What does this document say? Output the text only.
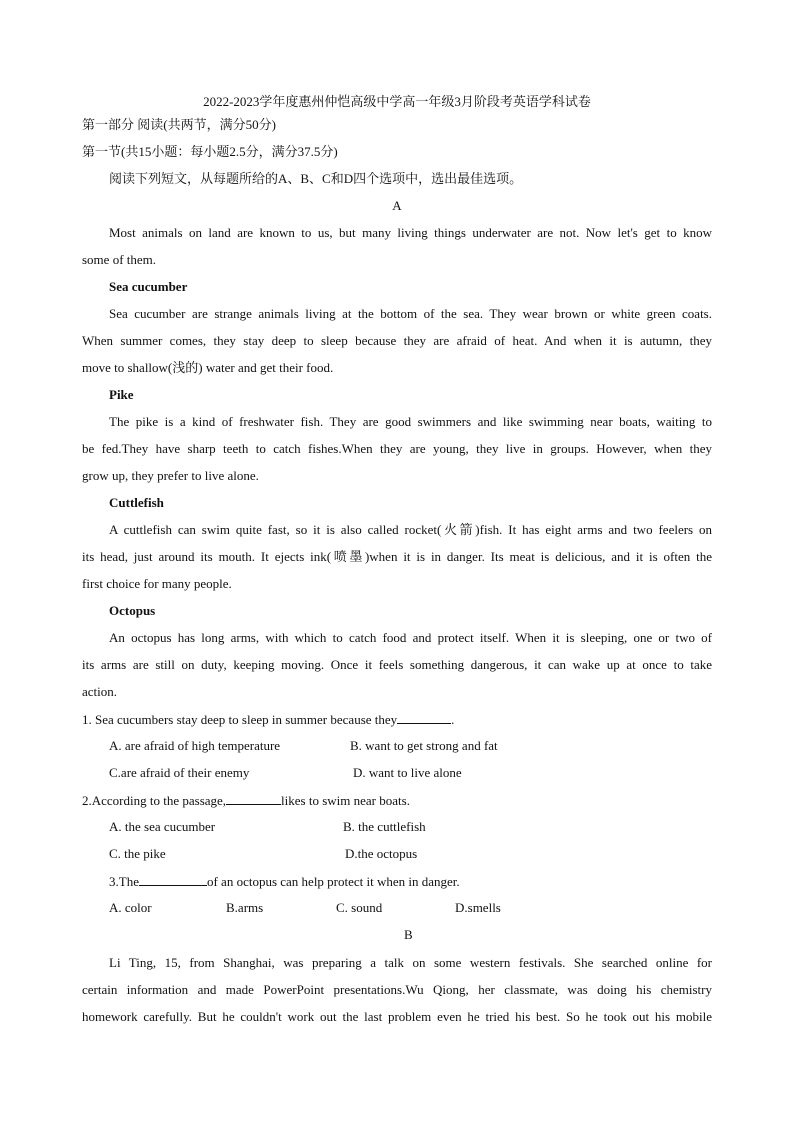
2022-2023学年度惠州仲恺高级中学高一年级3月阶段考英语学科试卷
第一部分 阅读(共两节，满分50分)
第一节(共15小题：每小题2.5分，满分37.5分)
阅读下列短文，从每题所给的A、B、C和D四个选项中，选出最佳选项。
A
Most animals on land are known to us, but many living things underwater are not. Now let's get to know
some of them.
Sea cucumber
Sea cucumber are strange animals living at the bottom of the sea. They wear brown or white green coats.
When summer comes, they stay deep to sleep because they are afraid of heat. And when it is autumn, they
move to shallow(浅的) water and get their food.
Pike
The pike is a kind of freshwater fish. They are good swimmers and like swimming near boats, waiting to
be fed.They have sharp teeth to catch fishes.When they are young, they live in groups. However, when they
grow up, they prefer to live alone.
Cuttlefish
A cuttlefish can swim quite fast, so it is also called rocket(火箭)fish. It has eight arms and two feelers on
its head, just around its mouth. It ejects ink(喷墨)when it is in danger. Its meat is delicious, and it is often the
first choice for many people.
Octopus
An octopus has long arms, with which to catch food and protect itself. When it is sleeping, one or two of
its arms are still on duty, keeping moving. Once it feels something dangerous, it can wake up at once to take
action.
1. Sea cucumbers stay deep to sleep in summer because they	.
A. are afraid of high temperature	B. want to get strong and fat
C.are afraid of their enemy	D. want to live alone
2.According to the passage,	likes to swim near boats.
A. the sea cucumber	B. the cuttlefish
C. the pike	D.the octopus
3.The	of an octopus can help protect it when in danger.
A. color	B.arms	C. sound	D.smells
B
Li Ting, 15, from Shanghai, was preparing a talk on some western festivals. She searched online for
certain information and made PowerPoint presentations.Wu Qiong, her classmate, was doing his chemistry
homework carefully. But he couldn't work out the last problem even he tried his best. So he took out his mobile
